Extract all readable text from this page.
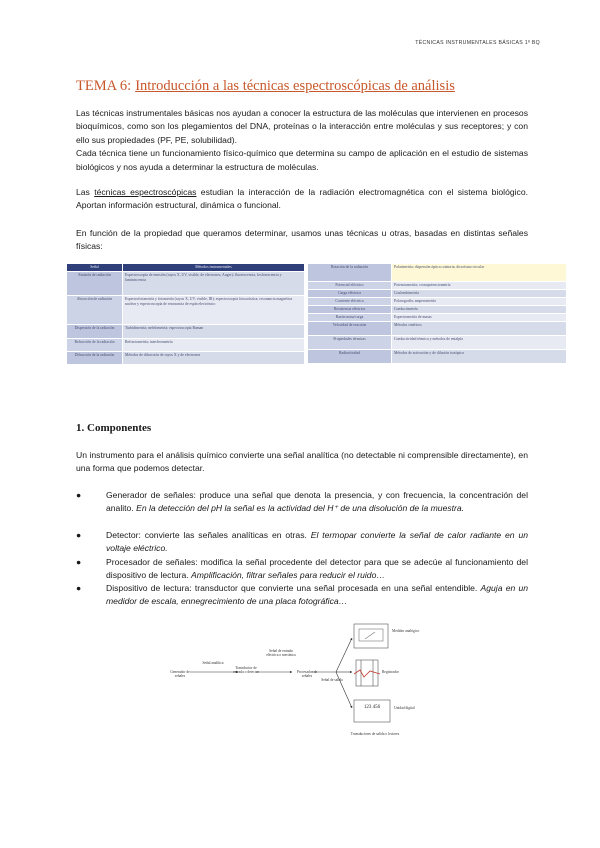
TÉCNICAS INSTRUMENTALES BÁSICAS 1º BQ
TEMA 6: Introducción a las técnicas espectroscópicas de análisis
Las técnicas instrumentales básicas nos ayudan a conocer la estructura de las moléculas que intervienen en procesos bioquímicos, como son los plegamientos del DNA, proteínas o la interacción entre moléculas y sus receptores; y con ello sus propiedades (PF, PE, solubilidad).
Cada técnica tiene un funcionamiento físico-químico que determina su campo de aplicación en el estudio de sistemas biológicos y nos ayuda a determinar la estructura de moléculas.
Las técnicas espectroscópicas estudian la interacción de la radiación electromagnética con el sistema biológico. Aportan información estructural, dinámica o funcional.
En función de la propiedad que queramos determinar, usamos unas técnicas u otras, basadas en distintas señales físicas:
Señal	Métodos instrumentales
Emisión de radiación	Espectroscopía de emisión (rayos X, UV, visible, de electrones, Auger); fluorescencia, fosforescencia y luminiscencia
Absorción de radiación	Espectrofotometría y fotometría (rayos X, UV, visible, IR); espectroscopía fotoacústica; resonancia magnética nuclear y espectroscopía de resonancia de espín electrónico
Dispersión de la radiación	Turbidimetría; nefelometría; espectroscopía Raman
Refracción de la radiación	Refractometría; interferometría
Difracción de la radiación	Métodos de difracción de rayos X y de electrones
Rotación de la radiación	Polarimetría; dispersión óptica rotatoria; dicroísmo circular
Potencial eléctrico	Potenciometría; cronopotenciometría
Carga eléctrica	Coulombimetría
Corriente eléctrica	Polarografía; amperometría
Resistencia eléctrica	Conductimetría
Razón masa/carga	Espectrometría de masas
Velocidad de reacción	Métodos cinéticos
Propiedades térmicas	Conductividad térmica y métodos de entalpía
Radiactividad	Métodos de activación y de dilución isotópica
1. Componentes
Un instrumento para el análisis químico convierte una señal analítica (no detectable ni comprensible directamente), en una forma que podemos detectar.
●	Generador de señales: produce una señal que denota la presencia, y con frecuencia, la concentración del analito. En la detección del pH la señal es la actividad del H⁺ de una disolución de la muestra.
●	Detector: convierte las señales analíticas en otras. El termopar convierte la señal de calor radiante en un voltaje eléctrico.
●	Procesador de señales: modifica la señal procedente del detector para que se adecúe al funcionamiento del dispositivo de lectura. Amplificación, filtrar señales para reducir el ruido…
●	Dispositivo de lectura: transductor que convierte una señal procesada en una señal entendible. Aguja en un medidor de escala, ennegrecimiento de una placa fotográfica…
Generador de señales
Señal analítica
Transductor de entrada o detector
Señal de entrada eléctrica o mecánica
Procesador de señales
Señal de salida
Medidor analógico
Registrador
123 456	Unidad digital
Transductores de salida o lectores
